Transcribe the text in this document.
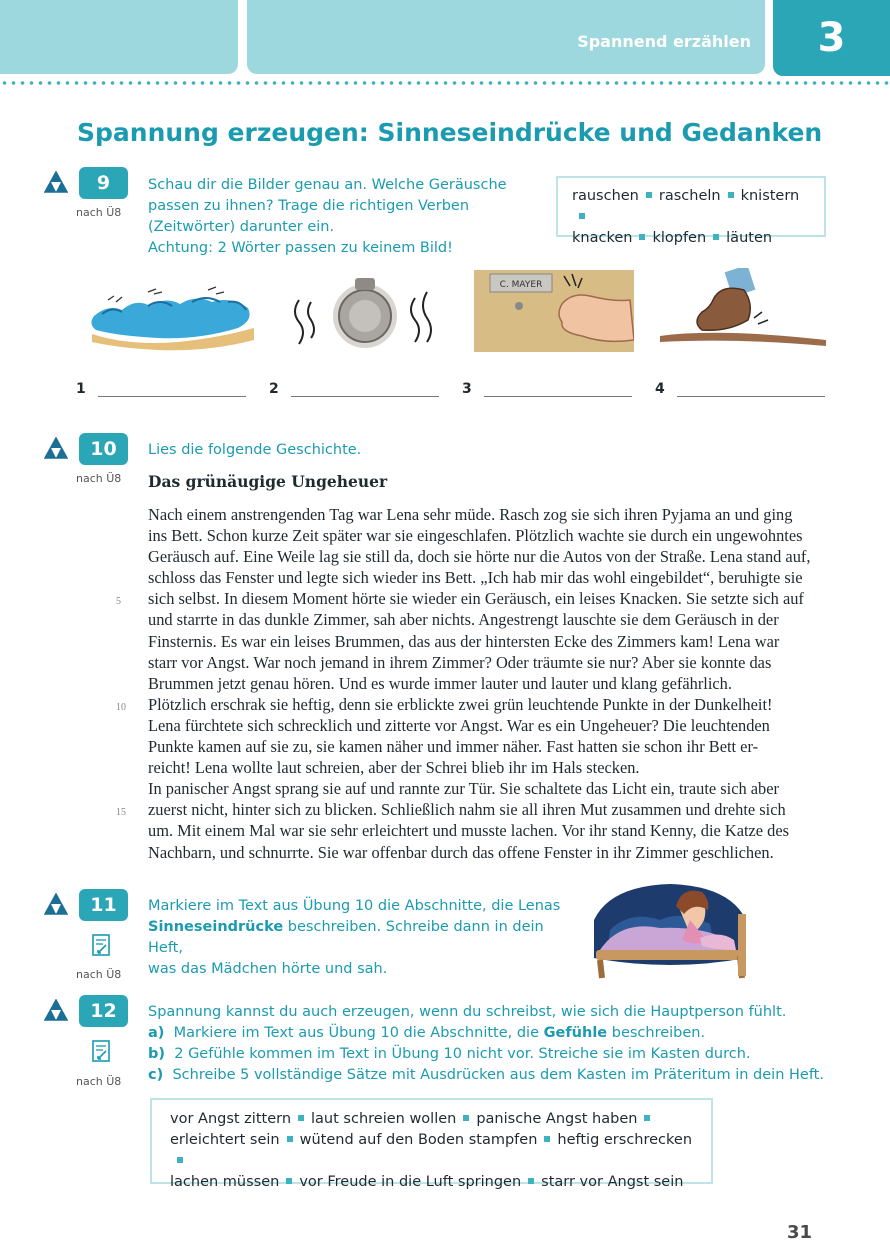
Spannend erzählen	3
Spannung erzeugen: Sinneseindrücke und Gedanken
9
nach Ü8
Schau dir die Bilder genau an. Welche Geräusche
passen zu ihnen? Trage die richtigen Verben
(Zeitwörter) darunter ein.
Achtung: 2 Wörter passen zu keinem Bild!
rauschen rascheln knistern
knacken klopfen läuten
C. MAYER
1	2	3	4
10
nach Ü8
Lies die folgende Geschichte.
Das grünäugige Ungeheuer
Nach einem anstrengenden Tag war Lena sehr müde. Rasch zog sie sich ihren Pyjama an und ging
ins Bett. Schon kurze Zeit später war sie eingeschlafen. Plötzlich wachte sie durch ein ungewohntes
Geräusch auf. Eine Weile lag sie still da, doch sie hörte nur die Autos von der Straße. Lena stand auf,
schloss das Fenster und legte sich wieder ins Bett. „Ich hab mir das wohl eingebildet“, beruhigte sie
5 sich selbst. In diesem Moment hörte sie wieder ein Geräusch, ein leises Knacken. Sie setzte sich auf
und starrte in das dunkle Zimmer, sah aber nichts. Angestrengt lauschte sie dem Geräusch in der
Finsternis. Es war ein leises Brummen, das aus der hintersten Ecke des Zimmers kam! Lena war
starr vor Angst. War noch jemand in ihrem Zimmer? Oder träumte sie nur? Aber sie konnte das
Brummen jetzt genau hören. Und es wurde immer lauter und lauter und klang gefährlich.
10 Plötzlich erschrak sie heftig, denn sie erblickte zwei grün leuchtende Punkte in der Dunkelheit!
Lena fürchtete sich schrecklich und zitterte vor Angst. War es ein Ungeheuer? Die leuchtenden
Punkte kamen auf sie zu, sie kamen näher und immer näher. Fast hatten sie schon ihr Bett er-
reicht! Lena wollte laut schreien, aber der Schrei blieb ihr im Hals stecken.
In panischer Angst sprang sie auf und rannte zur Tür. Sie schaltete das Licht ein, traute sich aber
15 zuerst nicht, hinter sich zu blicken. Schließlich nahm sie all ihren Mut zusammen und drehte sich
um. Mit einem Mal war sie sehr erleichtert und musste lachen. Vor ihr stand Kenny, die Katze des
Nachbarn, und schnurrte. Sie war offenbar durch das offene Fenster in ihr Zimmer geschlichen.
11
nach Ü8
Markiere im Text aus Übung 10 die Abschnitte, die Lenas
Sinneseindrücke beschreiben. Schreibe dann in dein Heft,
was das Mädchen hörte und sah.
12
nach Ü8
Spannung kannst du auch erzeugen, wenn du schreibst, wie sich die Hauptperson fühlt.
a) Markiere im Text aus Übung 10 die Abschnitte, die Gefühle beschreiben.
b) 2 Gefühle kommen im Text in Übung 10 nicht vor. Streiche sie im Kasten durch.
c) Schreibe 5 vollständige Sätze mit Ausdrücken aus dem Kasten im Präteritum in dein Heft.
vor Angst zittern laut schreien wollen panische Angst haben
erleichtert sein wütend auf den Boden stampfen heftig erschrecken
lachen müssen vor Freude in die Luft springen starr vor Angst sein
31
